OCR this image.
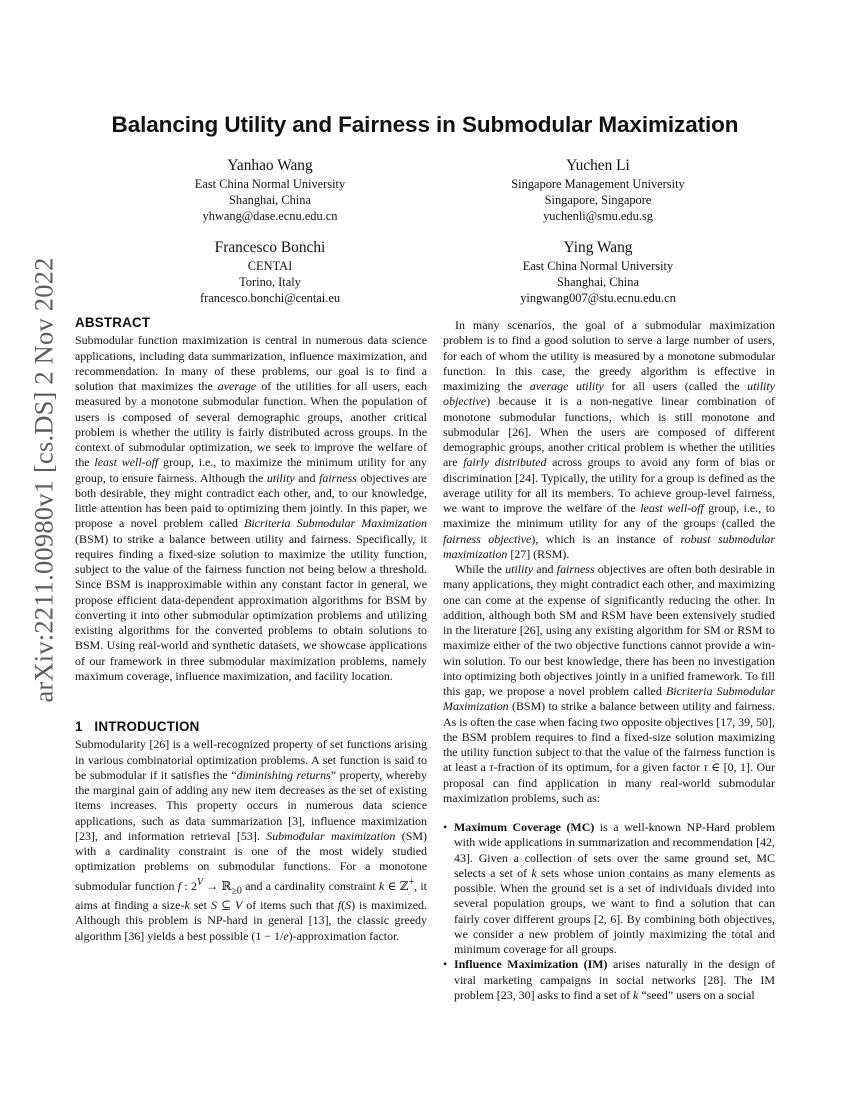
Balancing Utility and Fairness in Submodular Maximization
Yanhao Wang
East China Normal University
Shanghai, China
yhwang@dase.ecnu.edu.cn
Yuchen Li
Singapore Management University
Singapore, Singapore
yuchenli@smu.edu.sg
Francesco Bonchi
CENTAI
Torino, Italy
francesco.bonchi@centai.eu
Ying Wang
East China Normal University
Shanghai, China
yingwang007@stu.ecnu.edu.cn
arXiv:2211.00980v1 [cs.DS] 2 Nov 2022 ABSTRACT

Submodular function maximization is central in numerous data science applications, including data summarization, influence maximization, and recommendation. In many of these problems, our goal is to find a solution that maximizes the average of the utilities for all users, each measured by a monotone submodular function. When the population of users is composed of several demographic groups, another critical problem is whether the utility is fairly distributed across groups. In the context of submodular optimization, we seek to improve the welfare of the least well-off group, i.e., to maximize the minimum utility for any group, to ensure fairness. Although the utility and fairness objectives are both desirable, they might contradict each other, and, to our knowledge, little attention has been paid to optimizing them jointly. In this paper, we propose a novel problem called Bicriteria Submodular Maximization (BSM) to strike a balance between utility and fairness. Specifically, it requires finding a fixed-size solution to maximize the utility function, subject to the value of the fairness function not being below a threshold. Since BSM is inapproximable within any constant factor in general, we propose efficient data-dependent approximation algorithms for BSM by converting it into other submodular optimization problems and utilizing existing algorithms for the converted problems to obtain solutions to BSM. Using real-world and synthetic datasets, we showcase applications of our framework in three submodular maximization problems, namely maximum coverage, influence maximization, and facility location.

1 INTRODUCTION

Submodularity [26] is a well-recognized property of set functions arising in various combinatorial optimization problems. A set function is said to be submodular if it satisfies the “diminishing returns” property, whereby the marginal gain of adding any new item decreases as the set of existing items increases. This property occurs in numerous data science applications, such as data summarization [3], influence maximization [23], and information retrieval [53]. Submodular maximization (SM) with a cardinality constraint is one of the most widely studied optimization problems on submodular functions. For a monotone submodular function f : $2^V$ → ℝ$_{\ge 0}$ and a cardinality constraint k ∈ ℤ+, it aims at finding a size-k set S ⊆ V of items such that f(S) is maximized. Although this problem is NP-hard in general [13], the classic greedy algorithm [36] yields a best possible (1 − 1/e)-approximation factor.

In many scenarios, the goal of a submodular maximization problem is to find a good solution to serve a large number of users, for each of whom the utility is measured by a monotone submodular function. In this case, the greedy algorithm is effective in maximizing the average utility for all users (called the utility objective) because it is a non-negative linear combination of monotone submodular functions, which is still monotone and submodular [26]. When the users are composed of different demographic groups, another critical problem is whether the utilities are fairly distributed across groups to avoid any form of bias or discrimination [24]. Typically, the utility for a group is defined as the average utility for all its members. To achieve group-level fairness, we want to improve the welfare of the least well-off group, i.e., to maximize the minimum utility for any of the groups (called the fairness objective), which is an instance of robust submodular maximization [27] (RSM).

While the utility and fairness objectives are often both desirable in many applications, they might contradict each other, and maximizing one can come at the expense of significantly reducing the other. In addition, although both SM and RSM have been extensively studied in the literature [26], using any existing algorithm for SM or RSM to maximize either of the two objective functions cannot provide a win-win solution. To our best knowledge, there has been no investigation into optimizing both objectives jointly in a unified framework. To fill this gap, we propose a novel problem called Bicriteria Submodular Maximization (BSM) to strike a balance between utility and fairness. As is often the case when facing two opposite objectives [17, 39, 50], the BSM problem requires to find a fixed-size solution maximizing the utility function subject to that the value of the fairness function is at least a τ-fraction of its optimum, for a given factor τ ∈ [0, 1]. Our proposal can find application in many real-world submodular maximization problems, such as:

• Maximum Coverage (MC) is a well-known NP-Hard problem with wide applications in summarization and recommendation [42, 43]. Given a collection of sets over the same ground set, MC selects a set of k sets whose union contains as many elements as possible. When the ground set is a set of individuals divided into several population groups, we want to find a solution that can fairly cover different groups [2, 6]. By combining both objectives, we consider a new problem of jointly maximizing the total and minimum coverage for all groups.
• Influence Maximization (IM) arises naturally in the design of viral marketing campaigns in social networks [28]. The IM problem [23, 30] asks to find a set of k “seed” users on a social
